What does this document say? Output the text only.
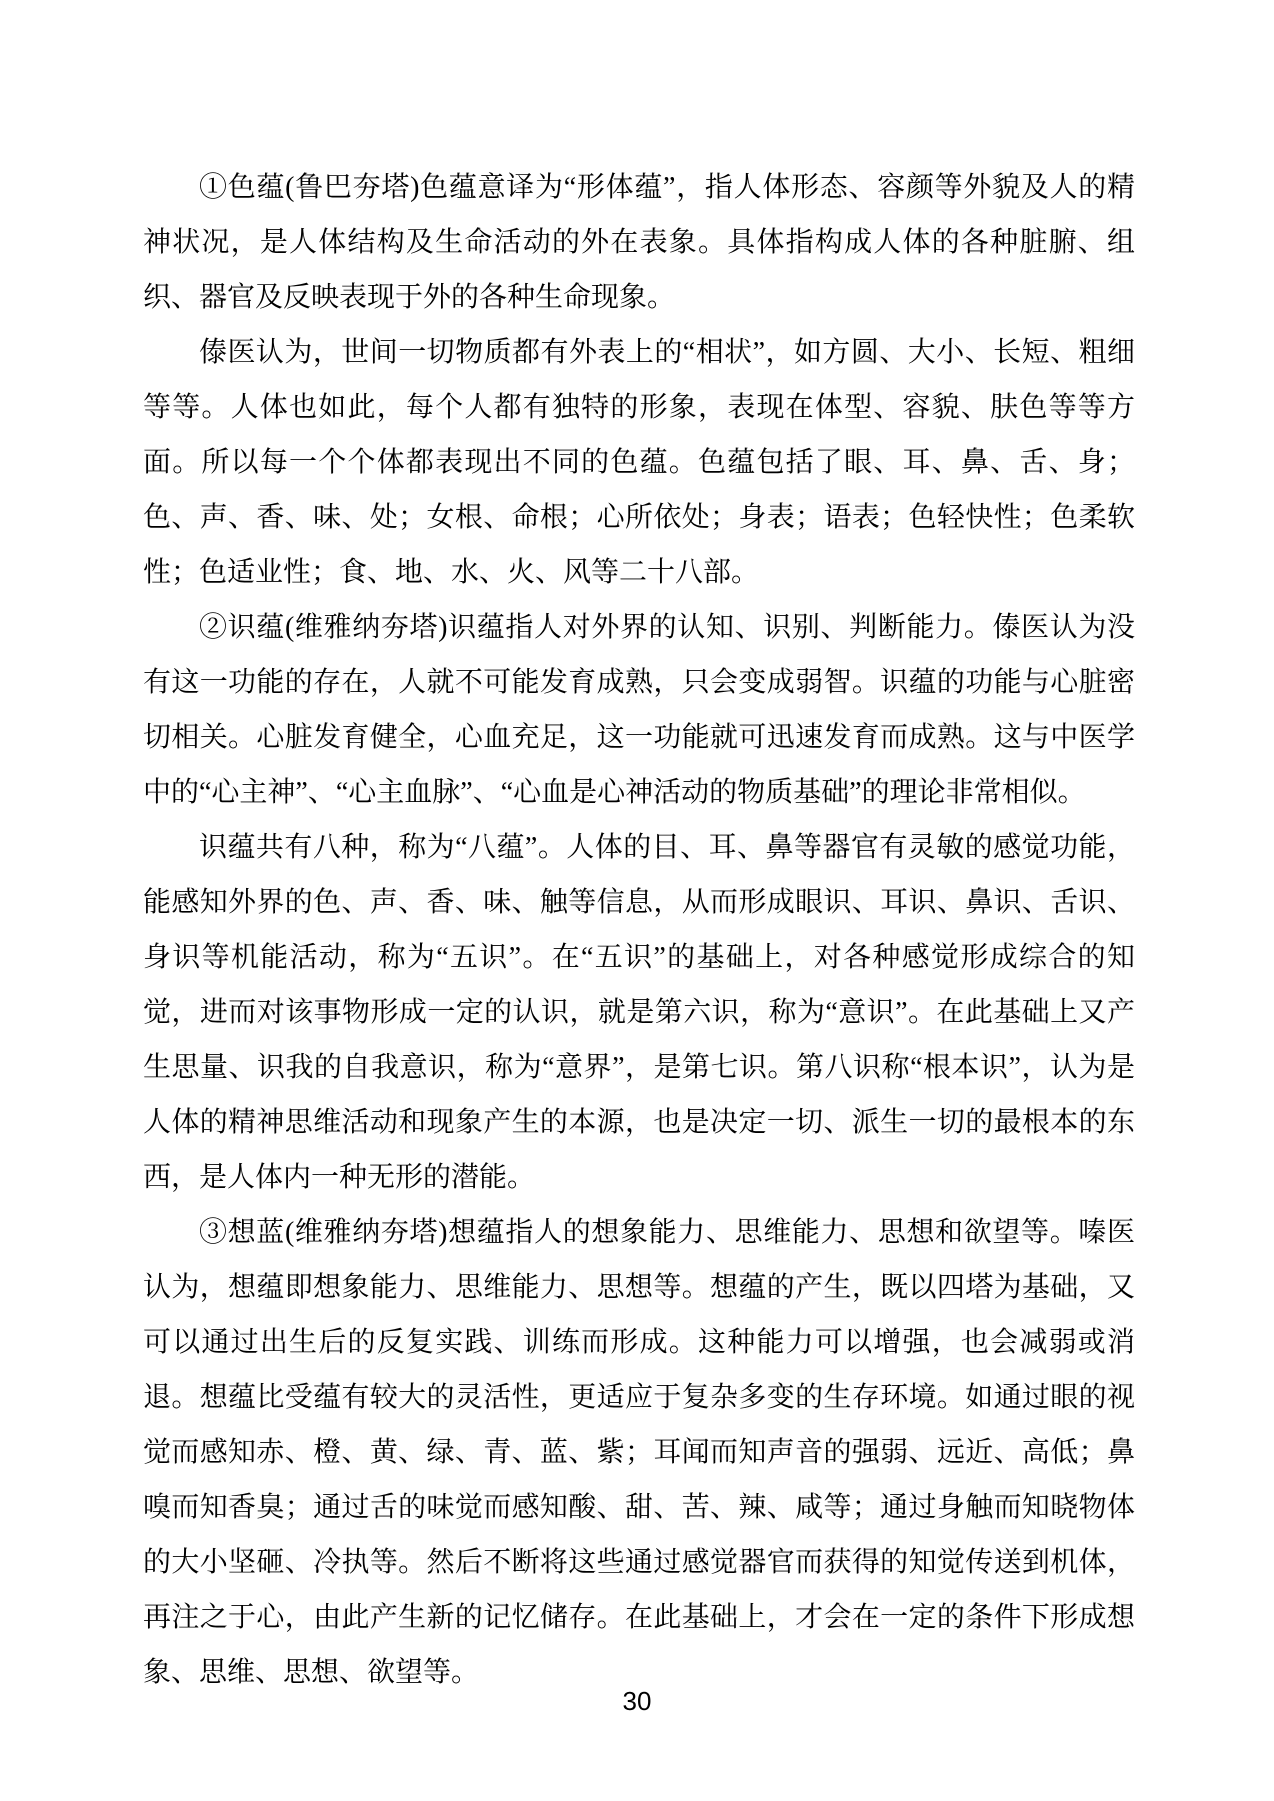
①色蕴(鲁巴夯塔)色蕴意译为“形体蕴”，指人体形态、容颜等外貌及人的精神状况，是人体结构及生命活动的外在表象。具体指构成人体的各种脏腑、组织、器官及反映表现于外的各种生命现象。

傣医认为，世间一切物质都有外表上的“相状”，如方圆、大小、长短、粗细等等。人体也如此，每个人都有独特的形象，表现在体型、容貌、肤色等等方面。所以每一个个体都表现出不同的色蕴。色蕴包括了眼、耳、鼻、舌、身；色、声、香、味、处；女根、命根；心所依处；身表；语表；色轻快性；色柔软性；色适业性；食、地、水、火、风等二十八部。

②识蕴(维雅纳夯塔)识蕴指人对外界的认知、识别、判断能力。傣医认为没有这一功能的存在，人就不可能发育成熟，只会变成弱智。识蕴的功能与心脏密切相关。心脏发育健全，心血充足，这一功能就可迅速发育而成熟。这与中医学中的“心主神”、“心主血脉”、“心血是心神活动的物质基础”的理论非常相似。

识蕴共有八种，称为“八蕴”。人体的目、耳、鼻等器官有灵敏的感觉功能，能感知外界的色、声、香、味、触等信息，从而形成眼识、耳识、鼻识、舌识、身识等机能活动，称为“五识”。在“五识”的基础上，对各种感觉形成综合的知觉，进而对该事物形成一定的认识，就是第六识，称为“意识”。在此基础上又产生思量、识我的自我意识，称为“意界”，是第七识。第八识称“根本识”，认为是人体的精神思维活动和现象产生的本源，也是决定一切、派生一切的最根本的东西，是人体内一种无形的潜能。

③想蓝(维雅纳夯塔)想蕴指人的想象能力、思维能力、思想和欲望等。嗪医认为，想蕴即想象能力、思维能力、思想等。想蕴的产生，既以四塔为基础，又可以通过出生后的反复实践、训练而形成。这种能力可以增强，也会减弱或消退。想蕴比受蕴有较大的灵活性，更适应于复杂多变的生存环境。如通过眼的视觉而感知赤、橙、黄、绿、青、蓝、紫；耳闻而知声音的强弱、远近、高低；鼻嗅而知香臭；通过舌的味觉而感知酸、甜、苦、辣、咸等；通过身触而知晓物体的大小坚砸、冷执等。然后不断将这些通过感觉器官而获得的知觉传送到机体，再注之于心，由此产生新的记忆储存。在此基础上，才会在一定的条件下形成想象、思维、思想、欲望等。

30
